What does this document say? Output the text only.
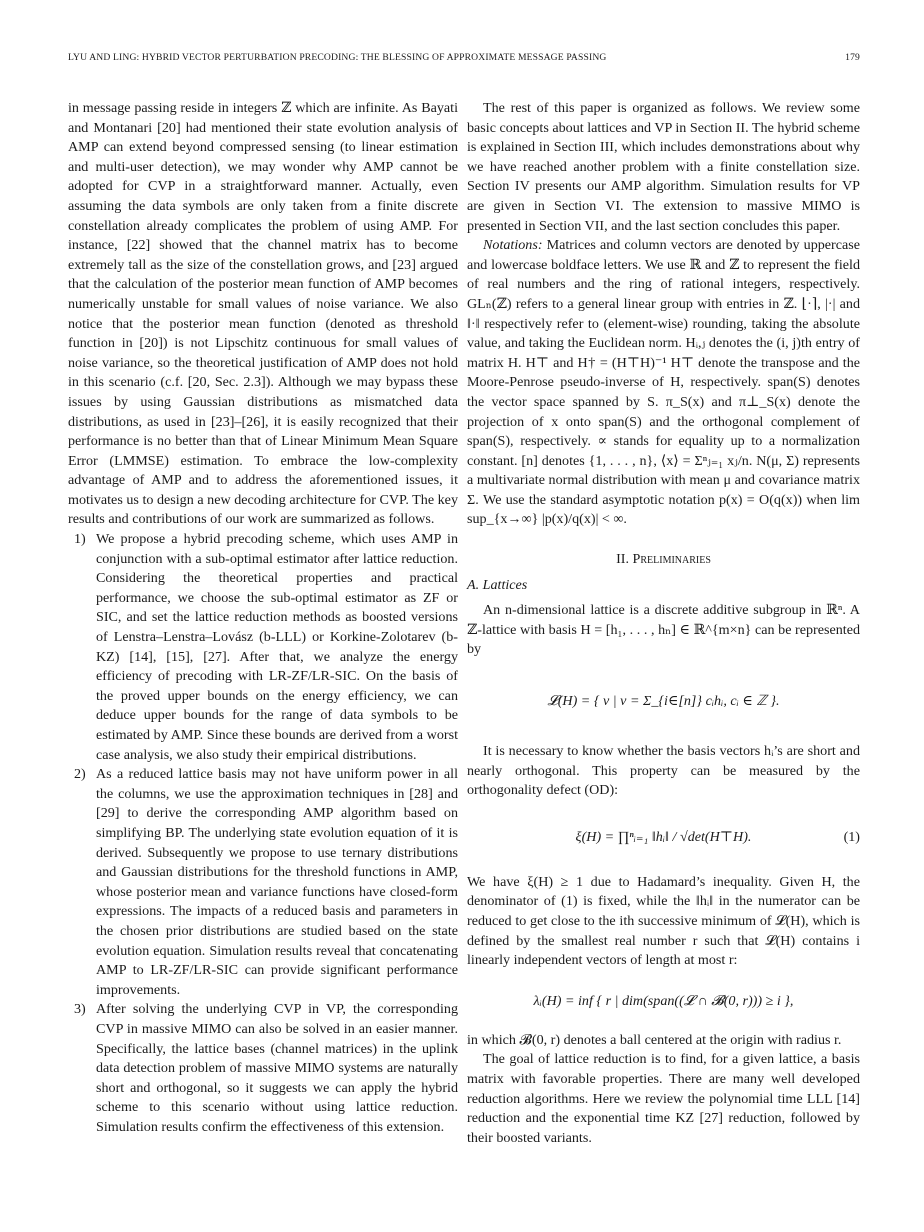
LYU AND LING: HYBRID VECTOR PERTURBATION PRECODING: THE BLESSING OF APPROXIMATE MESSAGE PASSING	179

in message passing reside in integers ℤ which are infinite. As Bayati and Montanari [20] had mentioned their state evolution analysis of AMP can extend beyond compressed sensing (to linear estimation and multi-user detection), we may wonder why AMP cannot be adopted for CVP in a straightforward manner. Actually, even assuming the data symbols are only taken from a finite discrete constellation already complicates the problem of using AMP. For instance, [22] showed that the channel matrix has to become extremely tall as the size of the constellation grows, and [23] argued that the calculation of the posterior mean function of AMP becomes numerically unstable for small values of noise variance. We also notice that the posterior mean function (denoted as threshold function in [20]) is not Lipschitz continuous for small values of noise variance, so the theoretical justification of AMP does not hold in this scenario (c.f. [20, Sec. 2.3]). Although we may bypass these issues by using Gaussian distributions as mismatched data distributions, as used in [23]–[26], it is easily recognized that their performance is no better than that of Linear Minimum Mean Square Error (LMMSE) estimation. To embrace the low-complexity advantage of AMP and to address the aforementioned issues, it motivates us to design a new decoding architecture for CVP. The key results and contributions of our work are summarized as follows.

1) We propose a hybrid precoding scheme, which uses AMP in conjunction with a sub-optimal estimator after lattice reduction. Considering the theoretical properties and practical performance, we choose the sub-optimal estimator as ZF or SIC, and set the lattice reduction methods as boosted versions of Lenstra–Lenstra–Lovász (b-LLL) or Korkine-Zolotarev (b-KZ) [14], [15], [27]. After that, we analyze the energy efficiency of precoding with LR-ZF/LR-SIC. On the basis of the proved upper bounds on the energy efficiency, we can deduce upper bounds for the range of data symbols to be estimated by AMP. Since these bounds are derived from a worst case analysis, we also study their empirical distributions.
2) As a reduced lattice basis may not have uniform power in all the columns, we use the approximation techniques in [28] and [29] to derive the corresponding AMP algorithm based on simplifying BP. The underlying state evolution equation of it is derived. Subsequently we propose to use ternary distributions and Gaussian distributions for the threshold functions in AMP, whose posterior mean and variance functions have closed-form expressions. The impacts of a reduced basis and parameters in the chosen prior distributions are studied based on the state evolution equation. Simulation results reveal that concatenating AMP to LR-ZF/LR-SIC can provide significant performance improvements.
3) After solving the underlying CVP in VP, the corresponding CVP in massive MIMO can also be solved in an easier manner. Specifically, the lattice bases (channel matrices) in the uplink data detection problem of massive MIMO systems are naturally short and orthogonal, so it suggests we can apply the hybrid scheme to this scenario without using lattice reduction. Simulation results confirm the effectiveness of this extension.

The rest of this paper is organized as follows. We review some basic concepts about lattices and VP in Section II. The hybrid scheme is explained in Section III, which includes demonstrations about why we have reached another problem with a finite constellation size. Section IV presents our AMP algorithm. Simulation results for VP are given in Section VI. The extension to massive MIMO is presented in Section VII, and the last section concludes this paper.

Notations: Matrices and column vectors are denoted by uppercase and lowercase boldface letters. We use ℝ and ℤ to represent the field of real numbers and the ring of rational integers, respectively. GLₙ(ℤ) refers to a general linear group with entries in ℤ. ⌊·⌉, |·| and ‖·‖ respectively refer to (element-wise) rounding, taking the absolute value, and taking the Euclidean norm. Hᵢ,ⱼ denotes the (i, j)th entry of matrix H. H⊤ and H† = (H⊤H)⁻¹ H⊤ denote the transpose and the Moore-Penrose pseudo-inverse of H, respectively. span(S) denotes the vector space spanned by S. π_S(x) and π⊥_S(x) denote the projection of x onto span(S) and the orthogonal complement of span(S), respectively. ∝ stands for equality up to a normalization constant. [n] denotes {1, . . . , n}, ⟨x⟩ = Σⁿⱼ₌₁ xⱼ/n. N(μ, Σ) represents a multivariate normal distribution with mean μ and covariance matrix Σ. We use the standard asymptotic notation p(x) = O(q(x)) when lim sup_{x→∞} |p(x)/q(x)| < ∞.

II. Preliminaries
A. Lattices

An n-dimensional lattice is a discrete additive subgroup in ℝⁿ. A ℤ-lattice with basis H = [h₁, . . . , hₙ] ∈ ℝ^{m×n} can be represented by

𝓛(H) = { v | v = Σ_{i∈[n]} cᵢhᵢ, cᵢ ∈ ℤ }.

It is necessary to know whether the basis vectors hᵢ’s are short and nearly orthogonal. This property can be measured by the orthogonality defect (OD):

ξ(H) = ∏ⁿᵢ₌₁ ‖hᵢ‖ / √det(H⊤H).	(1)

We have ξ(H) ≥ 1 due to Hadamard’s inequality. Given H, the denominator of (1) is fixed, while the ‖hᵢ‖ in the numerator can be reduced to get close to the ith successive minimum of 𝓛(H), which is defined by the smallest real number r such that 𝓛(H) contains i linearly independent vectors of length at most r:

λᵢ(H) = inf { r | dim(span((𝓛 ∩ 𝓑(0, r))) ≥ i },

in which 𝓑(0, r) denotes a ball centered at the origin with radius r.

The goal of lattice reduction is to find, for a given lattice, a basis matrix with favorable properties. There are many well developed reduction algorithms. Here we review the polynomial time LLL [14] reduction and the exponential time KZ [27] reduction, followed by their boosted variants.
